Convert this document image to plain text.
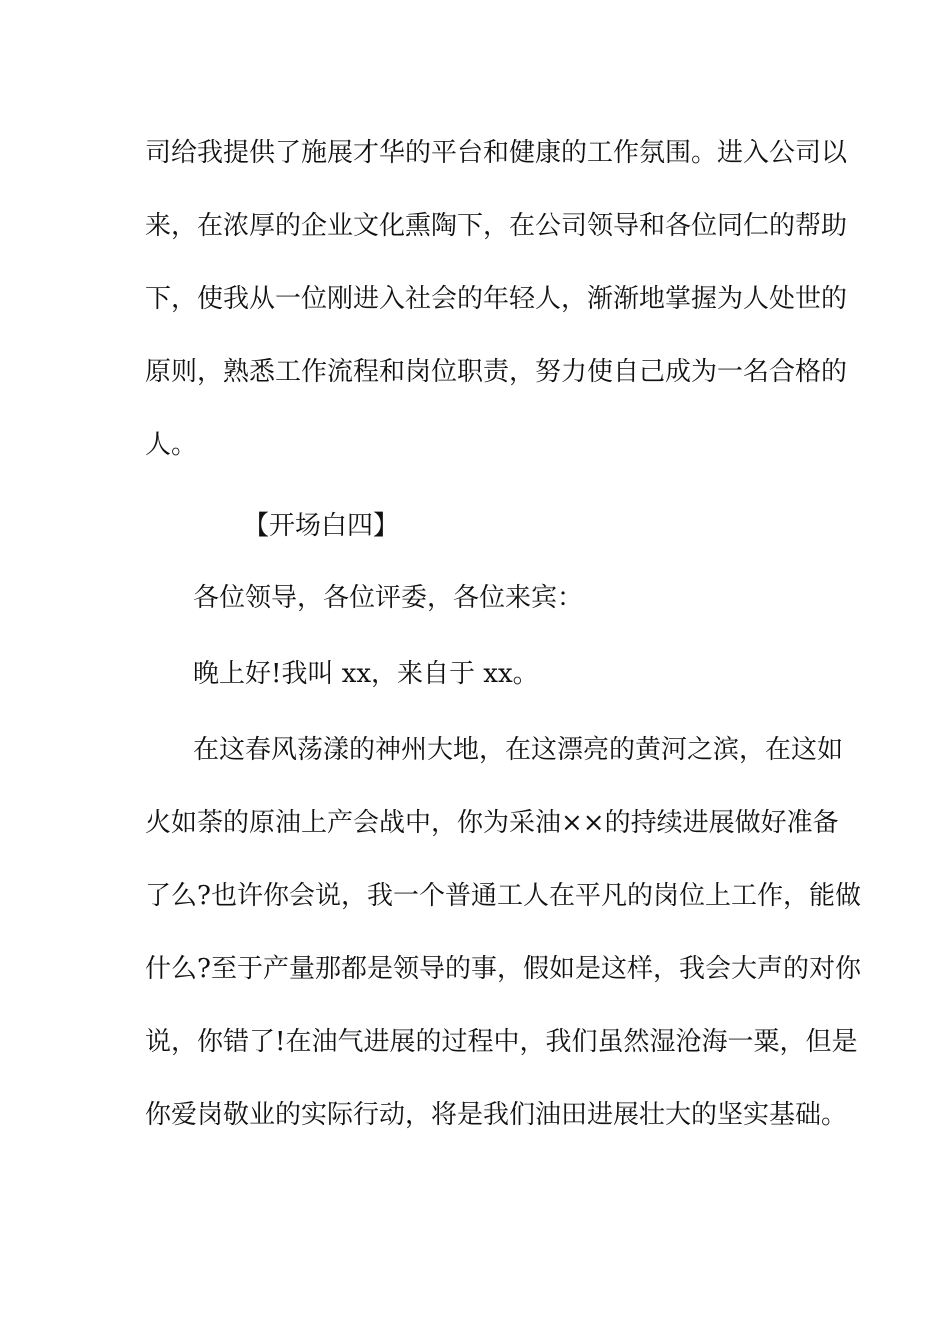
司给我提供了施展才华的平台和健康的工作氛围。进入公司以
来，在浓厚的企业文化熏陶下，在公司领导和各位同仁的帮助
下，使我从一位刚进入社会的年轻人，渐渐地掌握为人处世的
原则，熟悉工作流程和岗位职责，努力使自己成为一名合格的
人。
【开场白四】
各位领导，各位评委，各位来宾：
晚上好!我叫 xx，来自于 xx。
在这春风荡漾的神州大地，在这漂亮的黄河之滨，在这如
火如荼的原油上产会战中，你为采油××的持续进展做好准备
了么?也许你会说，我一个普通工人在平凡的岗位上工作，能做
什么?至于产量那都是领导的事，假如是这样，我会大声的对你
说，你错了!在油气进展的过程中，我们虽然湿沧海一粟，但是
你爱岗敬业的实际行动，将是我们油田进展壮大的坚实基础。
